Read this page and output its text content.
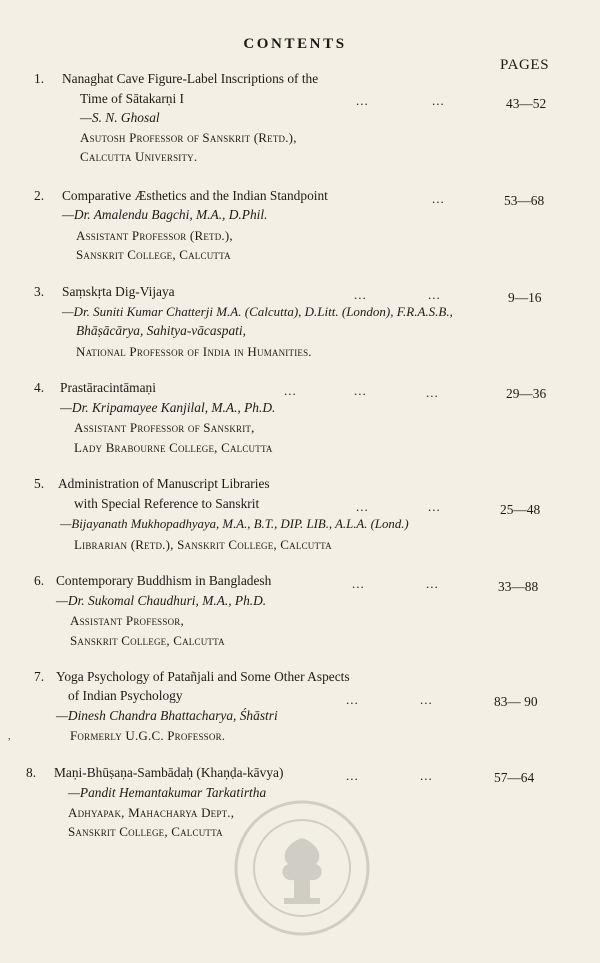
CONTENTS
PAGES
1. Nanaghat Cave Figure-Label Inscriptions of the
Time of Sātakarṇi I	...	...	43—52
—S. N. Ghosal
Asutosh Professor of Sanskrit (Retd.),
Calcutta University.
2. Comparative Æsthetics and the Indian Standpoint	...	53—68
—Dr. Amalendu Bagchi, M.A., D.Phil.
Assistant Professor (Retd.),
Sanskrit College, Calcutta
3. Saṃskṛta Dig-Vijaya	...	...	9—16
—Dr. Suniti Kumar Chatterji M.A. (Calcutta), D.Litt. (London), F.R.A.S.B.,
Bhāṣācārya, Sahitya-vācaspati,
National Professor of India in Humanities.
4. Prastāracintāmaṇi	...	...	...	29—36
—Dr. Kripamayee Kanjilal, M.A., Ph.D.
Assistant Professor of Sanskrit,
Lady Brabourne College, Calcutta
5. Administration of Manuscript Libraries
with Special Reference to Sanskrit	...	...	25—48
—Bijayanath Mukhopadhyaya, M.A., B.T., DIP. LIB., A.L.A. (Lond.)
Librarian (Retd.), Sanskrit College, Calcutta
6. Contemporary Buddhism in Bangladesh	...	...	33—88
—Dr. Sukomal Chaudhuri, M.A., Ph.D.
Assistant Professor,
Sanskrit College, Calcutta
7. Yoga Psychology of Patañjali and Some Other Aspects
of Indian Psychology	...	...	83— 90
—Dinesh Chandra Bhattacharya, Śhāstri
Formerly U.G.C. Professor.
8. Maṇi-Bhūṣaṇa-Sambādaḥ (Khaṇḍa-kāvya)	...	...	57—64
—Pandit Hemantakumar Tarkatirtha
Adhyapak, Mahacharya Dept.,
Sanskrit College, Calcutta
,
